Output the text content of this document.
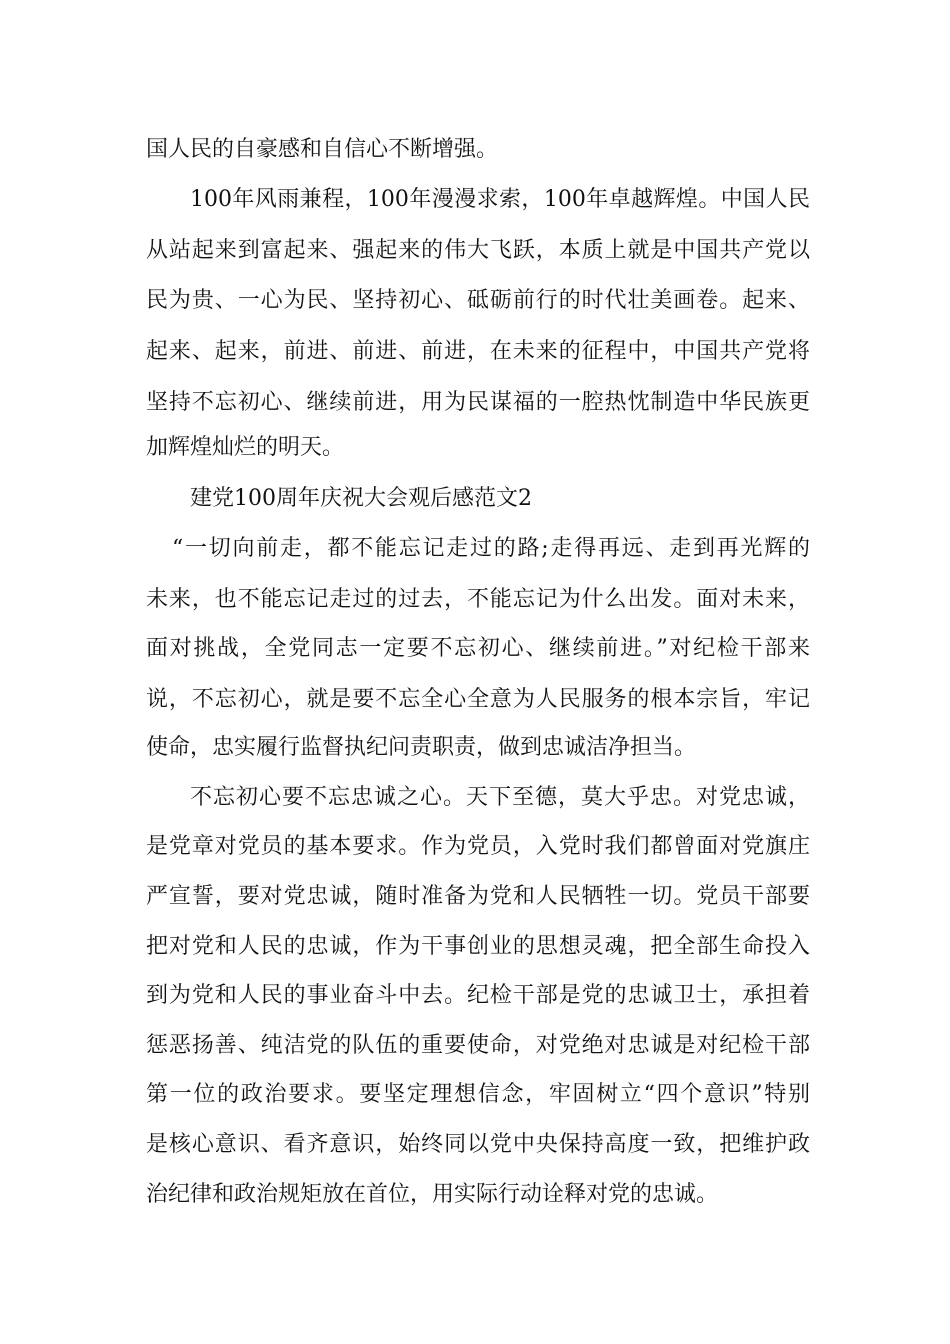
国人民的自豪感和自信心不断增强。
100年风雨兼程，100年漫漫求索，100年卓越辉煌。中国人民
从站起来到富起来、强起来的伟大飞跃，本质上就是中国共产党以
民为贵、一心为民、坚持初心、砥砺前行的时代壮美画卷。起来、
起来、起来，前进、前进、前进，在未来的征程中，中国共产党将
坚持不忘初心、继续前进，用为民谋福的一腔热忱制造中华民族更
加辉煌灿烂的明天。
建党100周年庆祝大会观后感范文2
“一切向前走，都不能忘记走过的路;走得再远、走到再光辉的
未来，也不能忘记走过的过去，不能忘记为什么出发。面对未来，
面对挑战，全党同志一定要不忘初心、继续前进。”对纪检干部来
说，不忘初心，就是要不忘全心全意为人民服务的根本宗旨，牢记
使命，忠实履行监督执纪问责职责，做到忠诚洁净担当。
不忘初心要不忘忠诚之心。天下至德，莫大乎忠。对党忠诚，
是党章对党员的基本要求。作为党员，入党时我们都曾面对党旗庄
严宣誓，要对党忠诚，随时准备为党和人民牺牲一切。党员干部要
把对党和人民的忠诚，作为干事创业的思想灵魂，把全部生命投入
到为党和人民的事业奋斗中去。纪检干部是党的忠诚卫士，承担着
惩恶扬善、纯洁党的队伍的重要使命，对党绝对忠诚是对纪检干部
第一位的政治要求。要坚定理想信念，牢固树立“四个意识”特别
是核心意识、看齐意识，始终同以党中央保持高度一致，把维护政
治纪律和政治规矩放在首位，用实际行动诠释对党的忠诚。
